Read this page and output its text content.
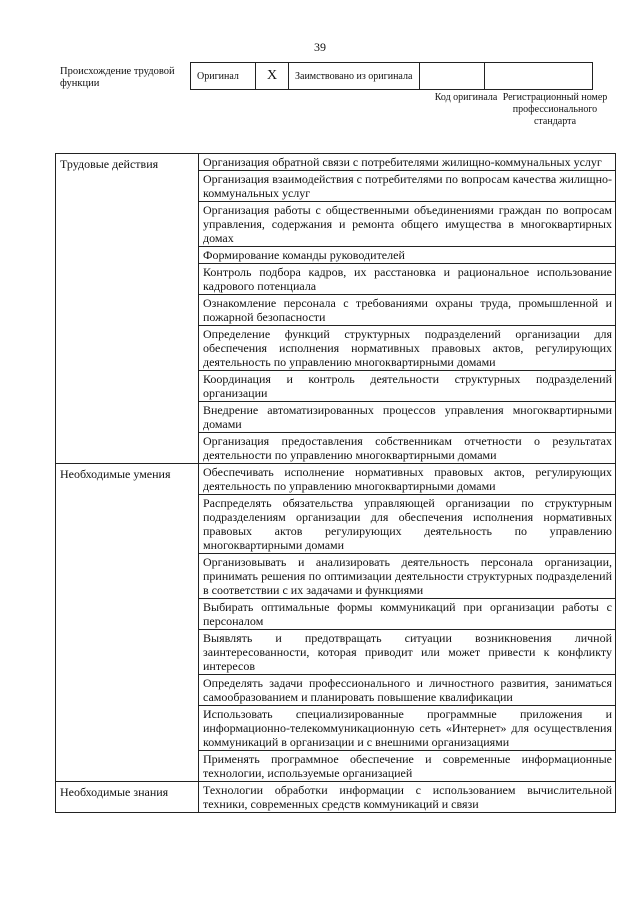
39
Происхождение трудовой функции
Оригинал	X	Заимствовано из оригинала		
Код оригинала Регистрационный номер профессионального стандарта
Трудовые действия	Организация обратной связи с потребителями жилищно-коммунальных услуг
	Организация взаимодействия с потребителями по вопросам качества жилищно-коммунальных услуг
	Организация работы с общественными объединениями граждан по вопросам управления, содержания и ремонта общего имущества в многоквартирных домах
	Формирование команды руководителей
	Контроль подбора кадров, их расстановка и рациональное использование кадрового потенциала
	Ознакомление персонала с требованиями охраны труда, промышленной и пожарной безопасности
	Определение функций структурных подразделений организации для обеспечения исполнения нормативных правовых актов, регулирующих деятельность по управлению многоквартирными домами
	Координация и контроль деятельности структурных подразделений организации
	Внедрение автоматизированных процессов управления многоквартирными домами
	Организация предоставления собственникам отчетности о результатах деятельности по управлению многоквартирными домами
Необходимые умения	Обеспечивать исполнение нормативных правовых актов, регулирующих деятельность по управлению многоквартирными домами
	Распределять обязательства управляющей организации по структурным подразделениям организации для обеспечения исполнения нормативных правовых актов регулирующих деятельность по управлению многоквартирными домами
	Организовывать и анализировать деятельность персонала организации, принимать решения по оптимизации деятельности структурных подразделений в соответствии с их задачами и функциями
	Выбирать оптимальные формы коммуникаций при организации работы с персоналом
	Выявлять и предотвращать ситуации возникновения личной заинтересованности, которая приводит или может привести к конфликту интересов
	Определять задачи профессионального и личностного развития, заниматься самообразованием и планировать повышение квалификации
	Использовать специализированные программные приложения и информационно-телекоммуникационную сеть «Интернет» для осуществления коммуникаций в организации и с внешними организациями
	Применять программное обеспечение и современные информационные технологии, используемые организацией
Необходимые знания	Технологии обработки информации с использованием вычислительной техники, современных средств коммуникаций и связи
